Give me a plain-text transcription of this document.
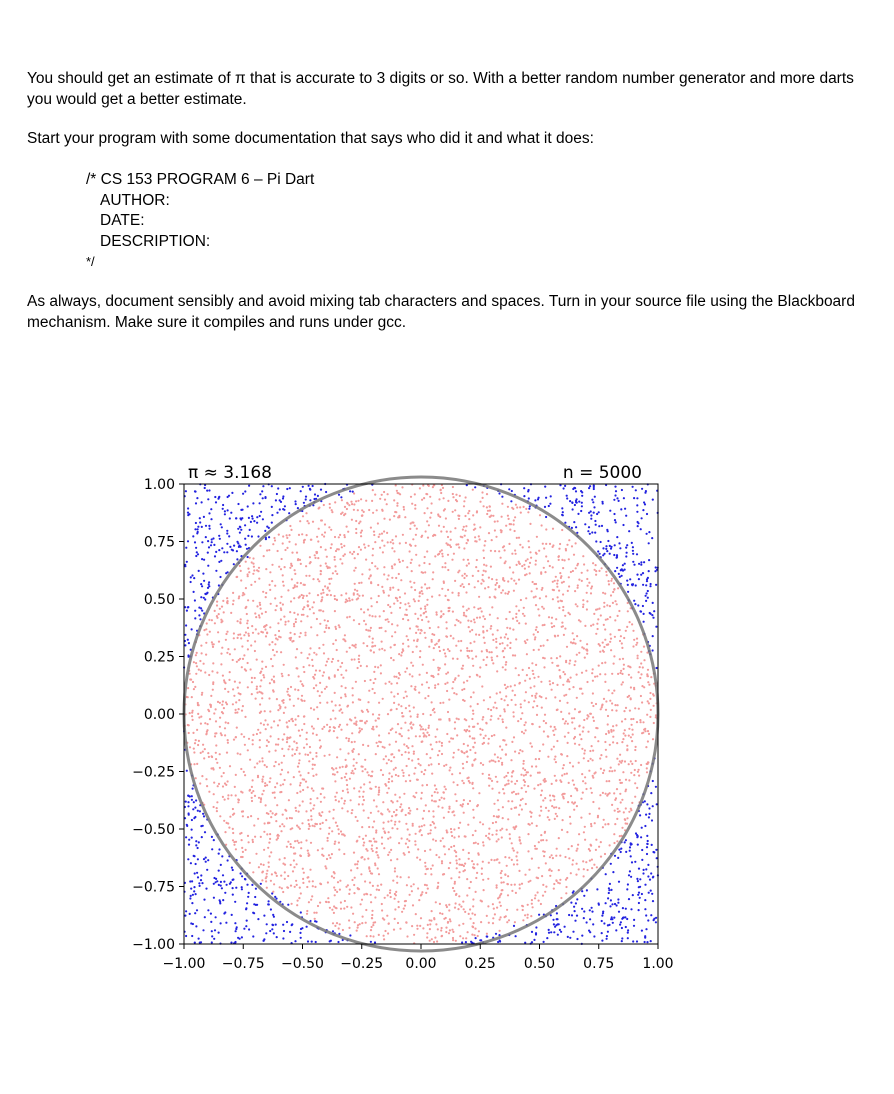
You should get an estimate of π that is accurate to 3 digits or so. With a better random number generator and more darts you would get a better estimate.

Start your program with some documentation that says who did it and what it does:

/* CS 153 PROGRAM 6 – Pi Dart
AUTHOR:
DATE:
DESCRIPTION:
*/

As always, document sensibly and avoid mixing tab characters and spaces. Turn in your source file using the Blackboard mechanism. Make sure it compiles and runs under gcc.

−1.00 −0.75 −0.50 −0.25 0.00 0.25 0.50 0.75 1.00
1.00
0.75
0.50
0.25
0.00
−0.25
−0.50
−0.75
−1.00
π ≈ 3.168	n = 5000
